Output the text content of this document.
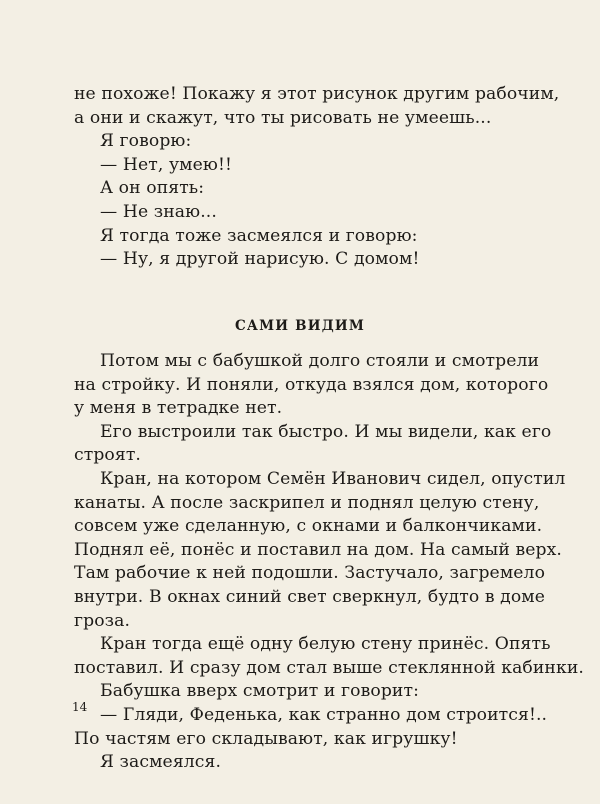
не похоже! Покажу я этот рисунок другим рабочим,
а они и скажут, что ты рисовать не умеешь...
Я говорю:
— Нет, умею!!
А он опять:
— Не знаю...
Я тогда тоже засмеялся и говорю:
— Ну, я другой нарисую. С домом!
САМИ ВИДИМ
Потом мы с бабушкой долго стояли и смотрели
на стройку. И поняли, откуда взялся дом, которого
у меня в тетрадке нет.
Его выстроили так быстро. И мы видели, как его
строят.
Кран, на котором Семён Иванович сидел, опустил
канаты. А после заскрипел и поднял целую стену,
совсем уже сделанную, с окнами и балкончиками.
Поднял её, понёс и поставил на дом. На самый верх.
Там рабочие к ней подошли. Застучало, загремело
внутри. В окнах синий свет сверкнул, будто в доме
гроза.
Кран тогда ещё одну белую стену принёс. Опять
поставил. И сразу дом стал выше стеклянной кабинки.
Бабушка вверх смотрит и говорит:
— Гляди, Феденька, как странно дом строится!..
По частям его складывают, как игрушку!
Я засмеялся.
14
